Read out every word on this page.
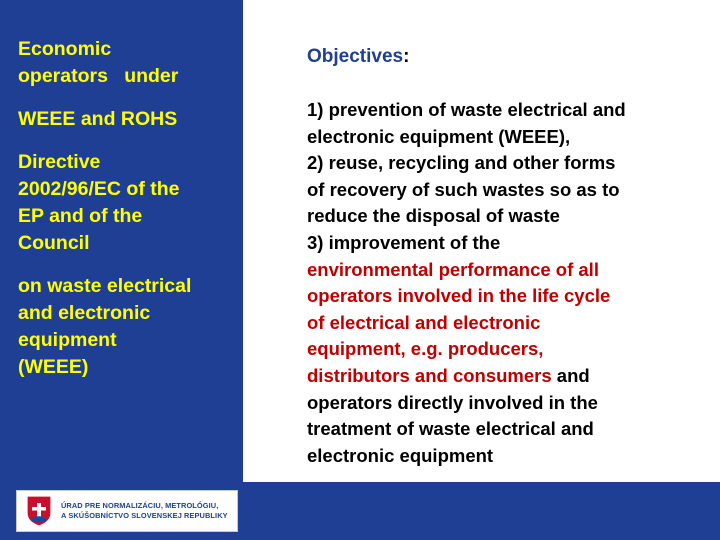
Economic
operators   under
WEEE and ROHS
Directive
2002/96/EC of the
EP and of the
Council
on waste electrical
and electronic
equipment
(WEEE)
Objectives:
1) prevention of waste electrical and
electronic equipment (WEEE),
2) reuse, recycling and other forms
of recovery of such wastes so as to
reduce the disposal of waste
3) improvement of the
environmental performance of all
operators involved in the life cycle
of electrical and electronic
equipment, e.g. producers,
distributors and consumers and
operators directly involved in the
treatment of waste electrical and
electronic equipment
ÚRAD PRE NORMALIZÁCIU, METROLÓGIU,
A SKÚŠOBNÍCTVO SLOVENSKEJ REPUBLIKY
